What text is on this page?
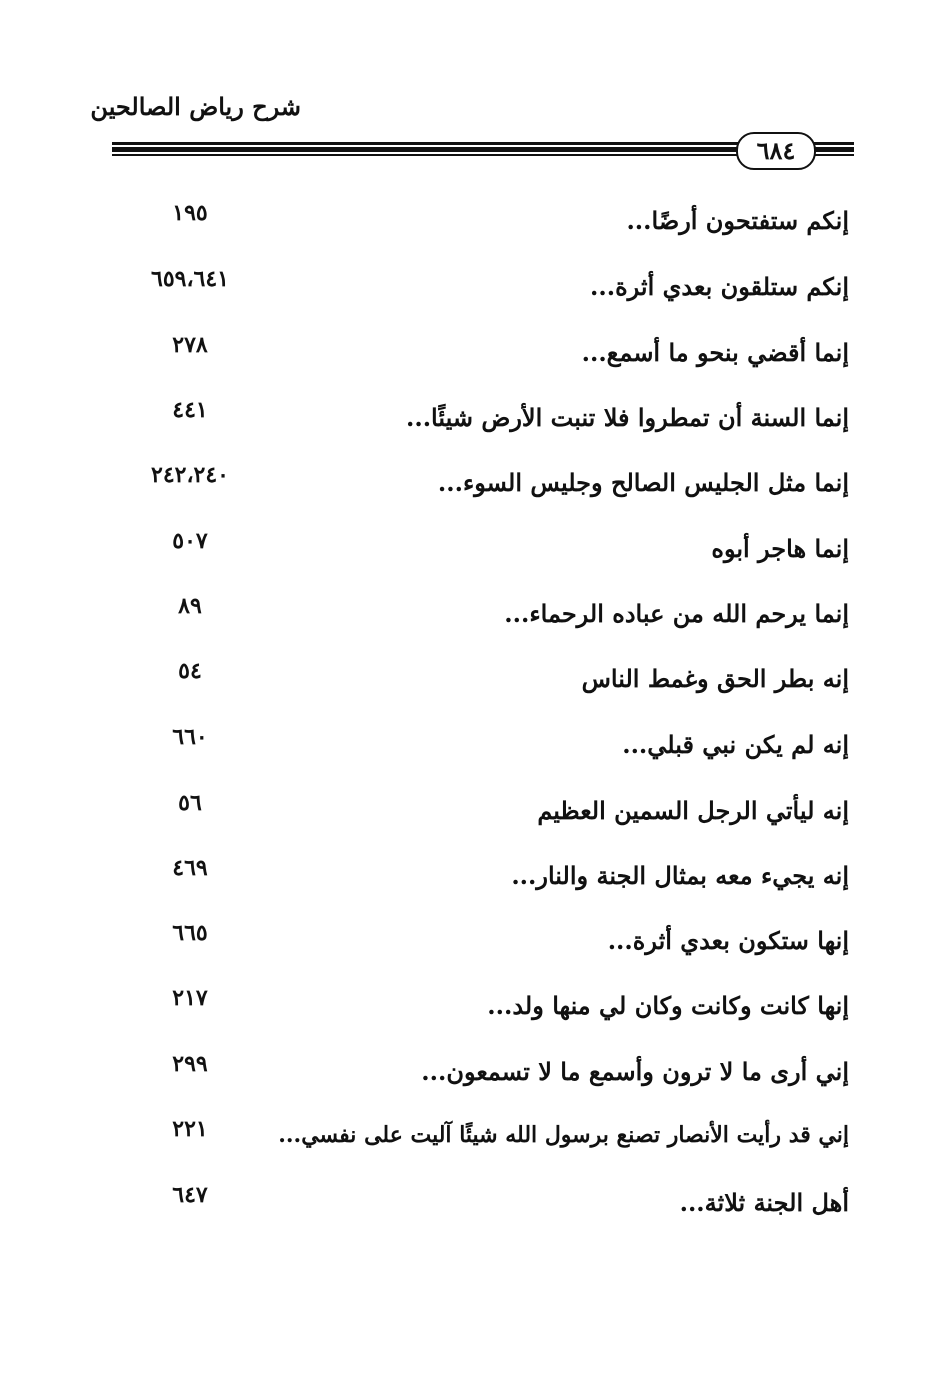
شرح رياض الصالحين
٦٨٤
إنكم ستفتحون أرضًا...
١٩٥
إنكم ستلقون بعدي أثرة...
٦٥٩،٦٤١
إنما أقضي بنحو ما أسمع...
٢٧٨
إنما السنة أن تمطروا فلا تنبت الأرض شيئًا...
٤٤١
إنما مثل الجليس الصالح وجليس السوء...
٢٤٢،٢٤٠
إنما هاجر أبوه
٥٠٧
إنما يرحم الله من عباده الرحماء...
٨٩
إنه بطر الحق وغمط الناس
٥٤
إنه لم يكن نبي قبلي...
٦٦٠
إنه ليأتي الرجل السمين العظيم
٥٦
إنه يجيء معه بمثال الجنة والنار...
٤٦٩
إنها ستكون بعدي أثرة...
٦٦٥
إنها كانت وكانت وكان لي منها ولد...
٢١٧
إني أرى ما لا ترون وأسمع ما لا تسمعون...
٢٩٩
إني قد رأيت الأنصار تصنع برسول الله شيئًا آليت على نفسي...
٢٢١
أهل الجنة ثلاثة...
٦٤٧
